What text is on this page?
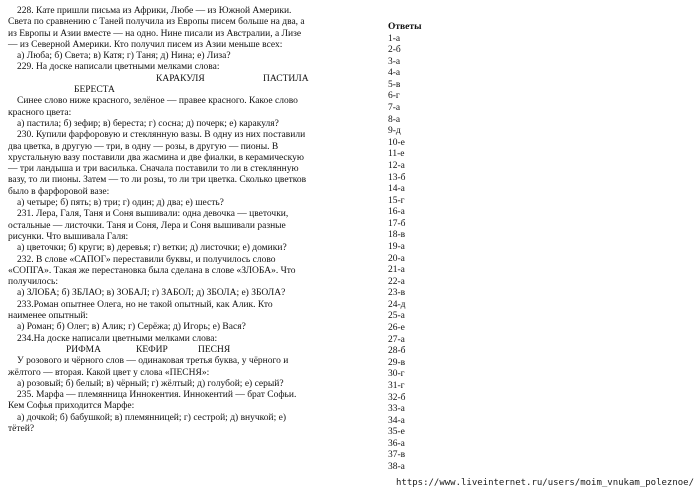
228. Кате пришли письма из Африки, Любе — из Южной Америки.

Света по сравнению с Таней получила из Европы писем больше на два, а

из Европы и Азии вместе — на одно. Нине писали из Австралии, а Лизе

— из Северной Америки. Кто получил писем из Азии меньше всех:

а) Люба; б) Света; в) Катя; г) Таня; д) Нина; е) Лиза?

229. На доске написали цветными мелками слова:

КАРАКУЛЯ	ПАСТИЛА
БЕРЕСТА

Синее слово ниже красного, зелёное — правее красного. Какое слово

красного цвета:

а) пастила; б) зефир; в) береста; г) сосна; д) почерк; е) каракуля?

230. Купили фарфоровую и стеклянную вазы. В одну из них поставили

два цветка, в другую — три, в одну — розы, в другую — пионы. В

хрустальную вазу поставили два жасмина и две фиалки, в керамическую

— три ландыша и три василька. Сначала поставили то ли в стеклянную

вазу, то ли пионы. Затем — то ли розы, то ли три цветка. Сколько цветков

было в фарфоровой вазе:

а) четыре; б) пять; в) три; г) один; д) два; е) шесть?

231. Лера, Галя, Таня и Соня вышивали: одна девочка — цветочки,

остальные — листочки. Таня и Соня, Лера и Соня вышивали разные

рисунки. Что вышивала Галя:

а) цветочки; б) круги; в) деревья; г) ветки; д) листочки; е) домики?

232. В слове «САПОГ» переставили буквы, и получилось слово

«СОПГА». Такая же перестановка была сделана в слове «ЗЛОБА». Что

получилось:

а) ЗЛОБА; б) ЗБЛАО; в) ЗОБАЛ; г) ЗАБОЛ; д) ЗБОЛА; е) ЗБОЛА?

233.Роман опытнее Олега, но не такой опытный, как Алик. Кто

наименее опытный:

а) Роман; б) Олег; в) Алик; г) Серёжа; д) Игорь; е) Вася?

234.На доске написали цветными мелками слова:

РИФМА	КЕФИР	ПЕСНЯ

У розового и чёрного слов — одинаковая третья буква, у чёрного и

жёлтого — вторая. Какой цвет у слова «ПЕСНЯ»:

а) розовый; б) белый; в) чёрный; г) жёлтый; д) голубой; е) серый?

235. Марфа — племянница Иннокентия. Иннокентий — брат Софьи.

Кем Софья приходится Марфе:

а) дочкой; б) бабушкой; в) племянницей; г) сестрой; д) внучкой; е)

тётей?

Ответы
1-а
2-б
3-а
4-а
5-в
6-г
7-а
8-а
9-д
10-е
11-е
12-а
13-б
14-а
15-г
16-а
17-б
18-в
19-а
20-а
21-а
22-а
23-в
24-д
25-а
26-е
27-а
28-б
29-в
30-г
31-г
32-б
33-а
34-а
35-е
36-а
37-в
38-а
https://www.liveinternet.ru/users/moim_vnukam_poleznoe/
